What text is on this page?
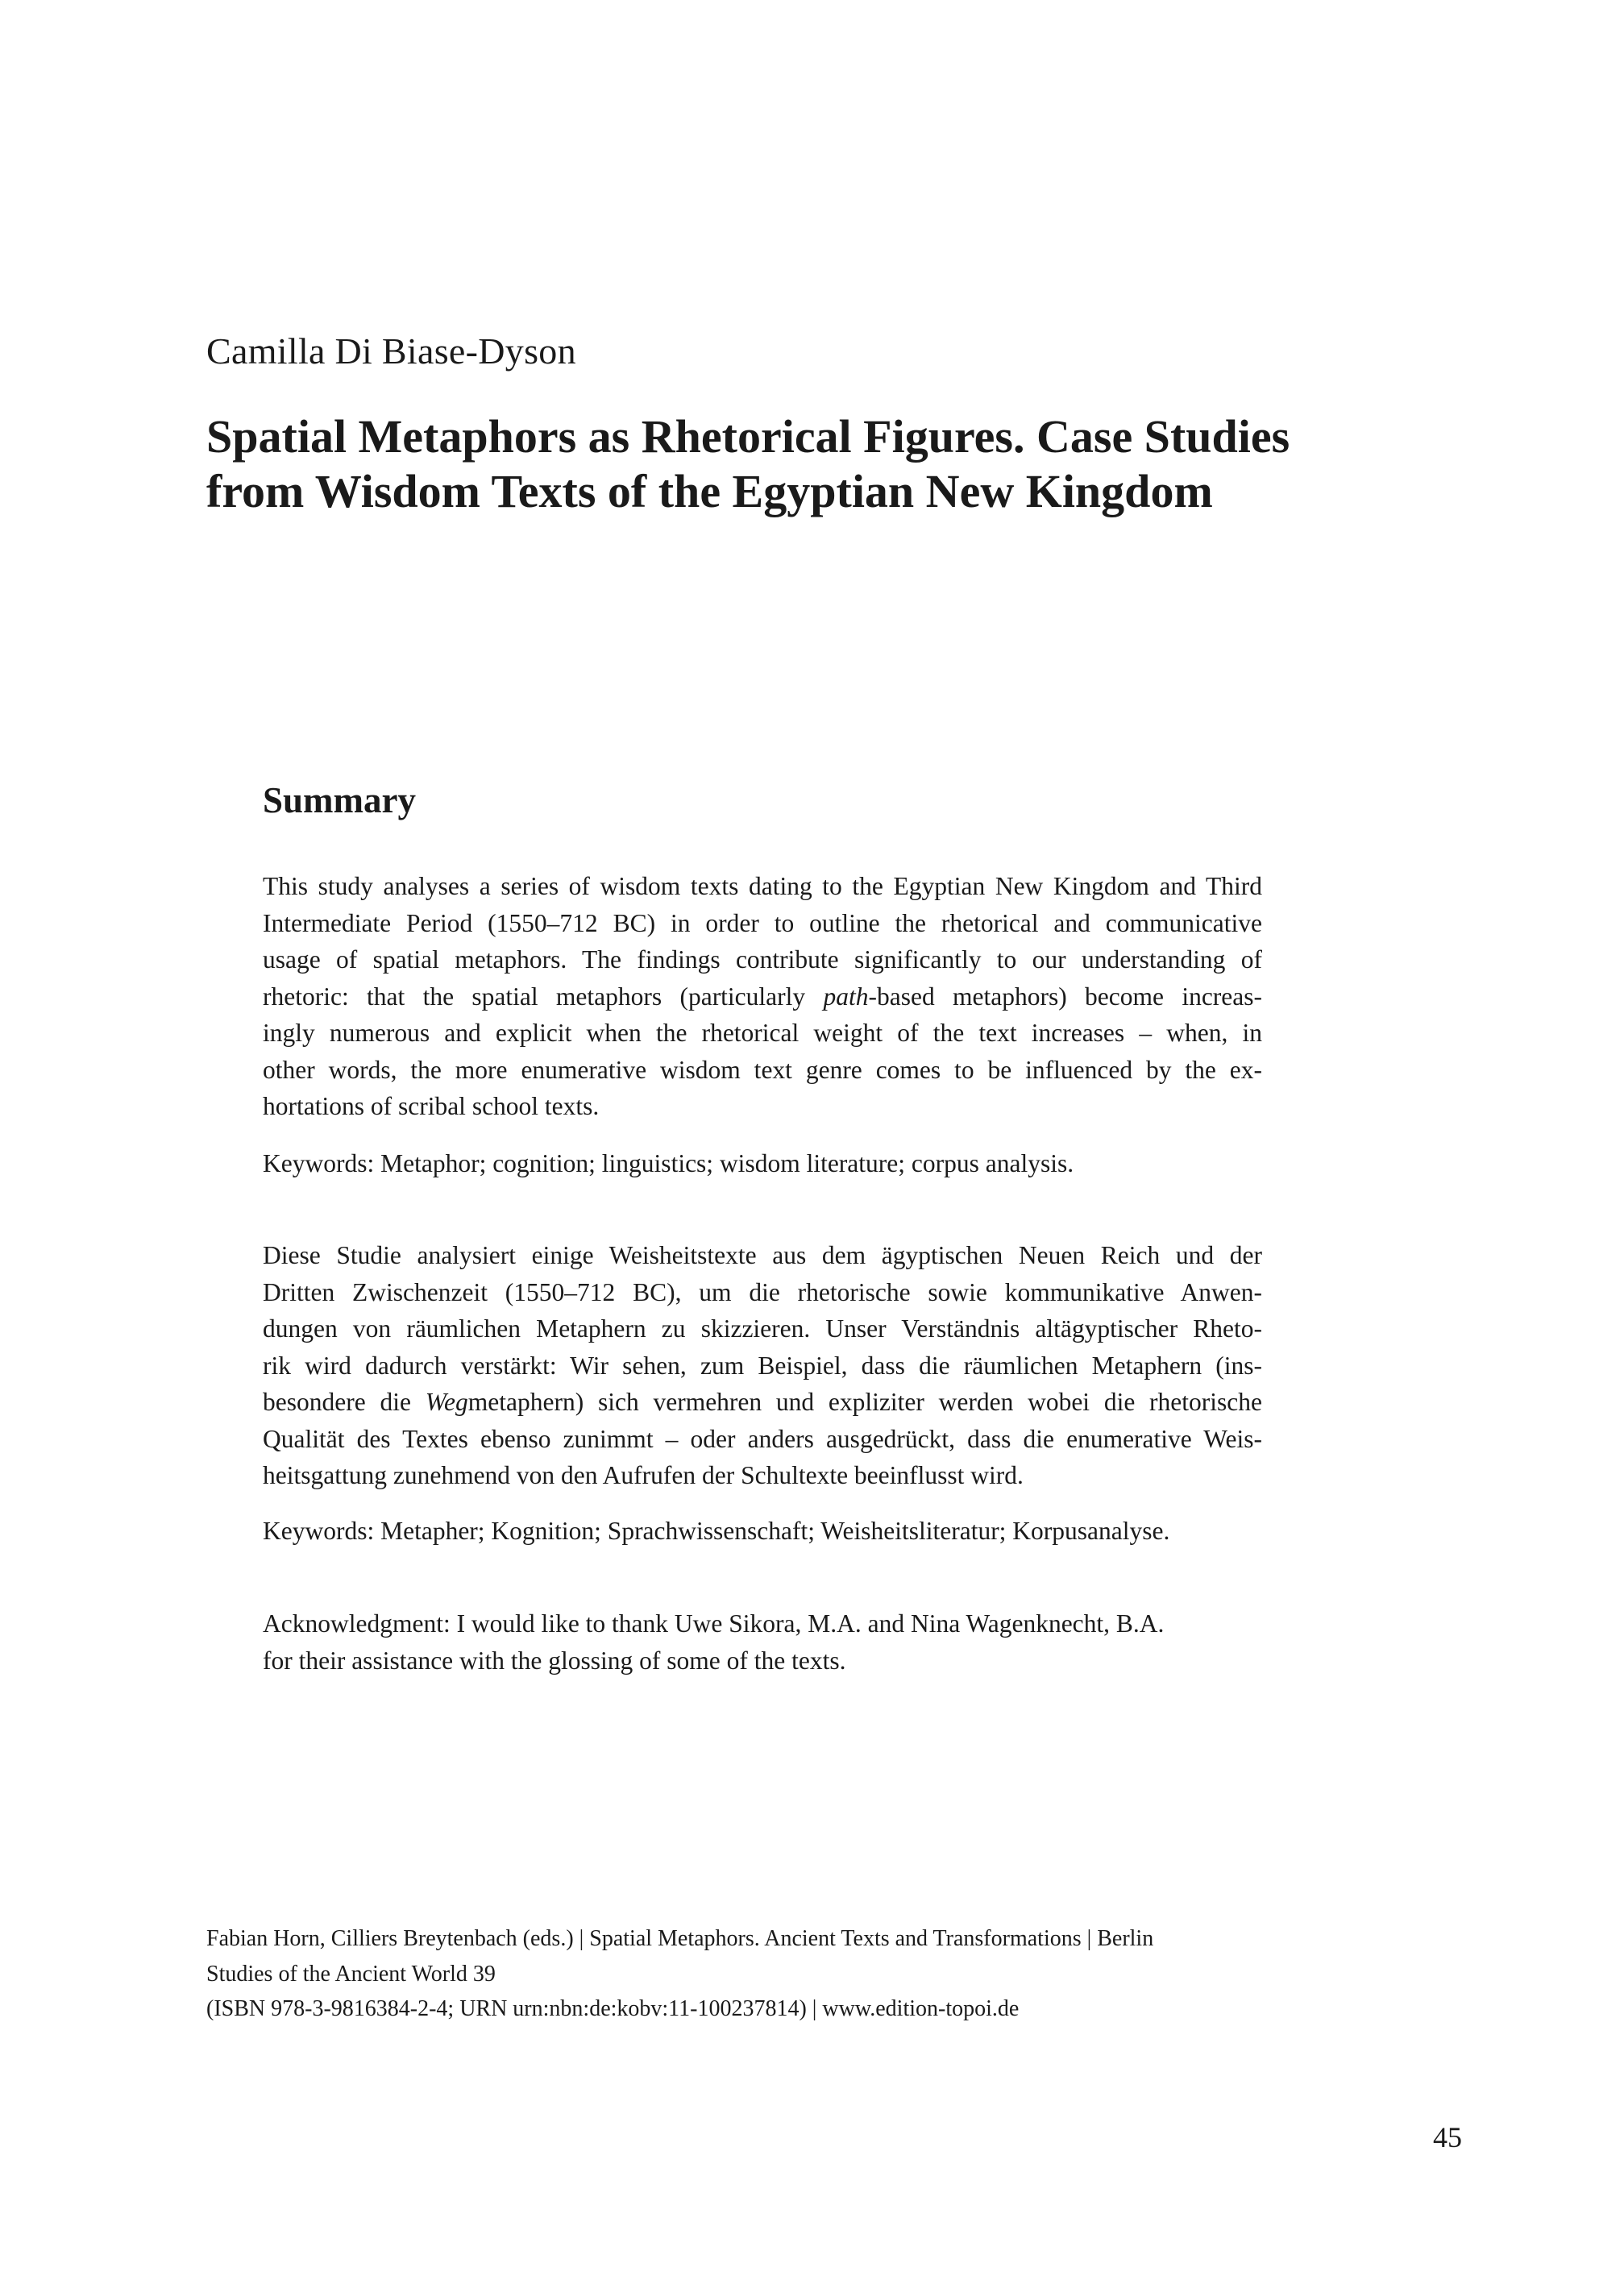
Camilla Di Biase-Dyson
Spatial Metaphors as Rhetorical Figures. Case Studies
from Wisdom Texts of the Egyptian New Kingdom
Summary
This study analyses a series of wisdom texts dating to the Egyptian New Kingdom and Third
Intermediate Period (1550–712 BC) in order to outline the rhetorical and communicative
usage of spatial metaphors. The findings contribute significantly to our understanding of
rhetoric: that the spatial metaphors (particularly path-based metaphors) become increas-
ingly numerous and explicit when the rhetorical weight of the text increases – when, in
other words, the more enumerative wisdom text genre comes to be influenced by the ex-
hortations of scribal school texts.
Keywords: Metaphor; cognition; linguistics; wisdom literature; corpus analysis.
Diese Studie analysiert einige Weisheitstexte aus dem ägyptischen Neuen Reich und der
Dritten Zwischenzeit (1550–712 BC), um die rhetorische sowie kommunikative Anwen-
dungen von räumlichen Metaphern zu skizzieren. Unser Verständnis altägyptischer Rheto-
rik wird dadurch verstärkt: Wir sehen, zum Beispiel, dass die räumlichen Metaphern (ins-
besondere die Wegmetaphern) sich vermehren und expliziter werden wobei die rhetorische
Qualität des Textes ebenso zunimmt – oder anders ausgedrückt, dass die enumerative Weis-
heitsgattung zunehmend von den Aufrufen der Schultexte beeinflusst wird.
Keywords: Metapher; Kognition; Sprachwissenschaft; Weisheitsliteratur; Korpusanalyse.
Acknowledgment: I would like to thank Uwe Sikora, M.A. and Nina Wagenknecht, B.A.
for their assistance with the glossing of some of the texts.
Fabian Horn, Cilliers Breytenbach (eds.) | Spatial Metaphors. Ancient Texts and Transformations | Berlin
Studies of the Ancient World 39
(ISBN 978-3-9816384-2-4; URN urn:nbn:de:kobv:11-100237814) | www.edition-topoi.de
45
